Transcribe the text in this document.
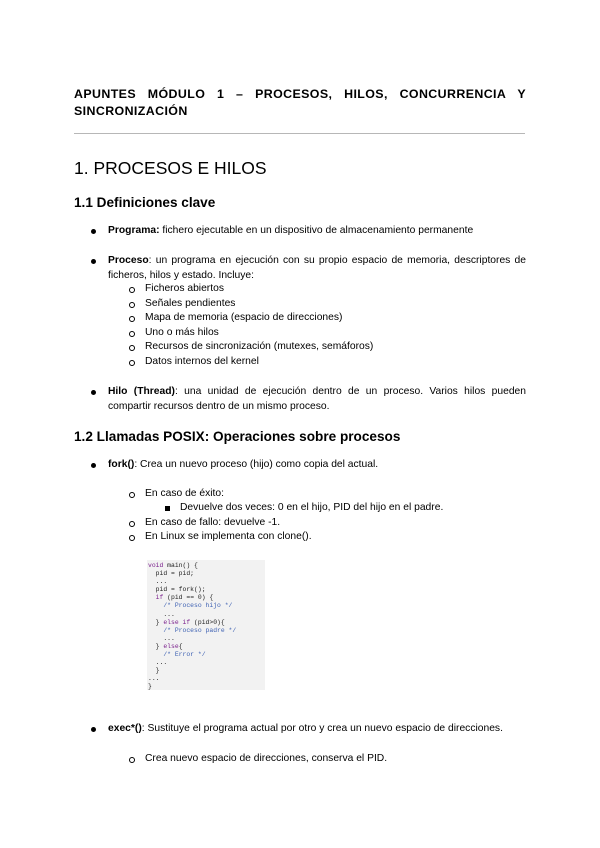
APUNTES MÓDULO 1 – PROCESOS, HILOS, CONCURRENCIA Y SINCRONIZACIÓN
1. PROCESOS E HILOS
1.1 Definiciones clave
Programa: fichero ejecutable en un dispositivo de almacenamiento permanente
Proceso: un programa en ejecución con su propio espacio de memoria, descriptores de ficheros, hilos y estado. Incluye:
Ficheros abiertos
Señales pendientes
Mapa de memoria (espacio de direcciones)
Uno o más hilos
Recursos de sincronización (mutexes, semáforos)
Datos internos del kernel
Hilo (Thread): una unidad de ejecución dentro de un proceso. Varios hilos pueden compartir recursos dentro de un mismo proceso.
1.2 Llamadas POSIX: Operaciones sobre procesos
fork(): Crea un nuevo proceso (hijo) como copia del actual.
En caso de éxito:
Devuelve dos veces: 0 en el hijo, PID del hijo en el padre.
En caso de fallo: devuelve -1.
En Linux se implementa con clone().
void main() {
pid = pid;
...
pid = fork();
if (pid == 0) {
/* Proceso hijo */
...
} else if (pid>0){
/* Proceso padre */
...
} else{
/* Error */
...
}
...
}
exec*(): Sustituye el programa actual por otro y crea un nuevo espacio de direcciones.
Crea nuevo espacio de direcciones, conserva el PID.
